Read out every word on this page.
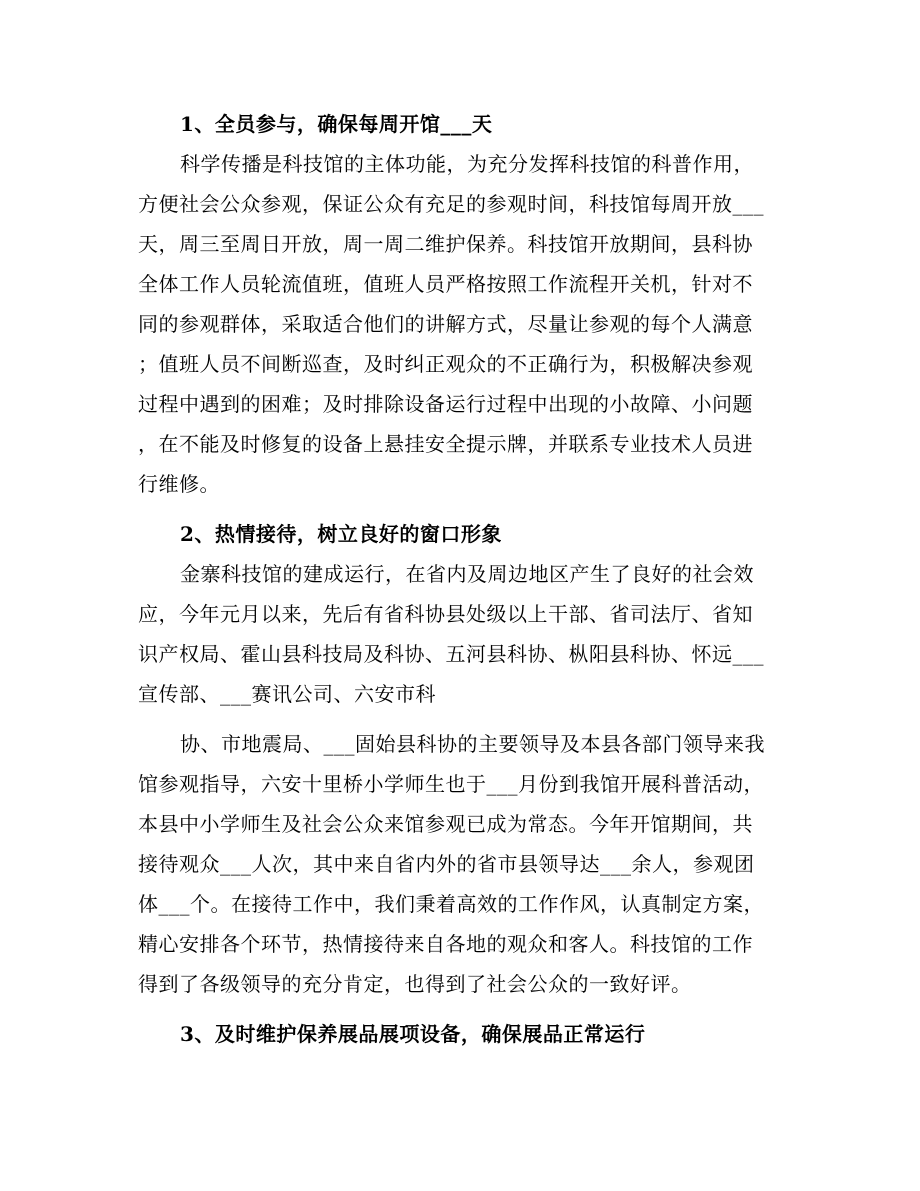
1、全员参与，确保每周开馆___天
科学传播是科技馆的主体功能，为充分发挥科技馆的科普作用，
方便社会公众参观，保证公众有充足的参观时间，科技馆每周开放___
天，周三至周日开放，周一周二维护保养。科技馆开放期间，县科协
全体工作人员轮流值班，值班人员严格按照工作流程开关机，针对不
同的参观群体，采取适合他们的讲解方式，尽量让参观的每个人满意
；值班人员不间断巡查，及时纠正观众的不正确行为，积极解决参观
过程中遇到的困难；及时排除设备运行过程中出现的小故障、小问题
，在不能及时修复的设备上悬挂安全提示牌，并联系专业技术人员进
行维修。
2、热情接待，树立良好的窗口形象
金寨科技馆的建成运行，在省内及周边地区产生了良好的社会效
应，今年元月以来，先后有省科协县处级以上干部、省司法厅、省知
识产权局、霍山县科技局及科协、五河县科协、枞阳县科协、怀远___
宣传部、___赛讯公司、六安市科
协、市地震局、___固始县科协的主要领导及本县各部门领导来我
馆参观指导，六安十里桥小学师生也于___月份到我馆开展科普活动，
本县中小学师生及社会公众来馆参观已成为常态。今年开馆期间，共
接待观众___人次，其中来自省内外的省市县领导达___余人，参观团
体___个。在接待工作中，我们秉着高效的工作作风，认真制定方案，
精心安排各个环节，热情接待来自各地的观众和客人。科技馆的工作
得到了各级领导的充分肯定，也得到了社会公众的一致好评。
3、及时维护保养展品展项设备，确保展品正常运行
